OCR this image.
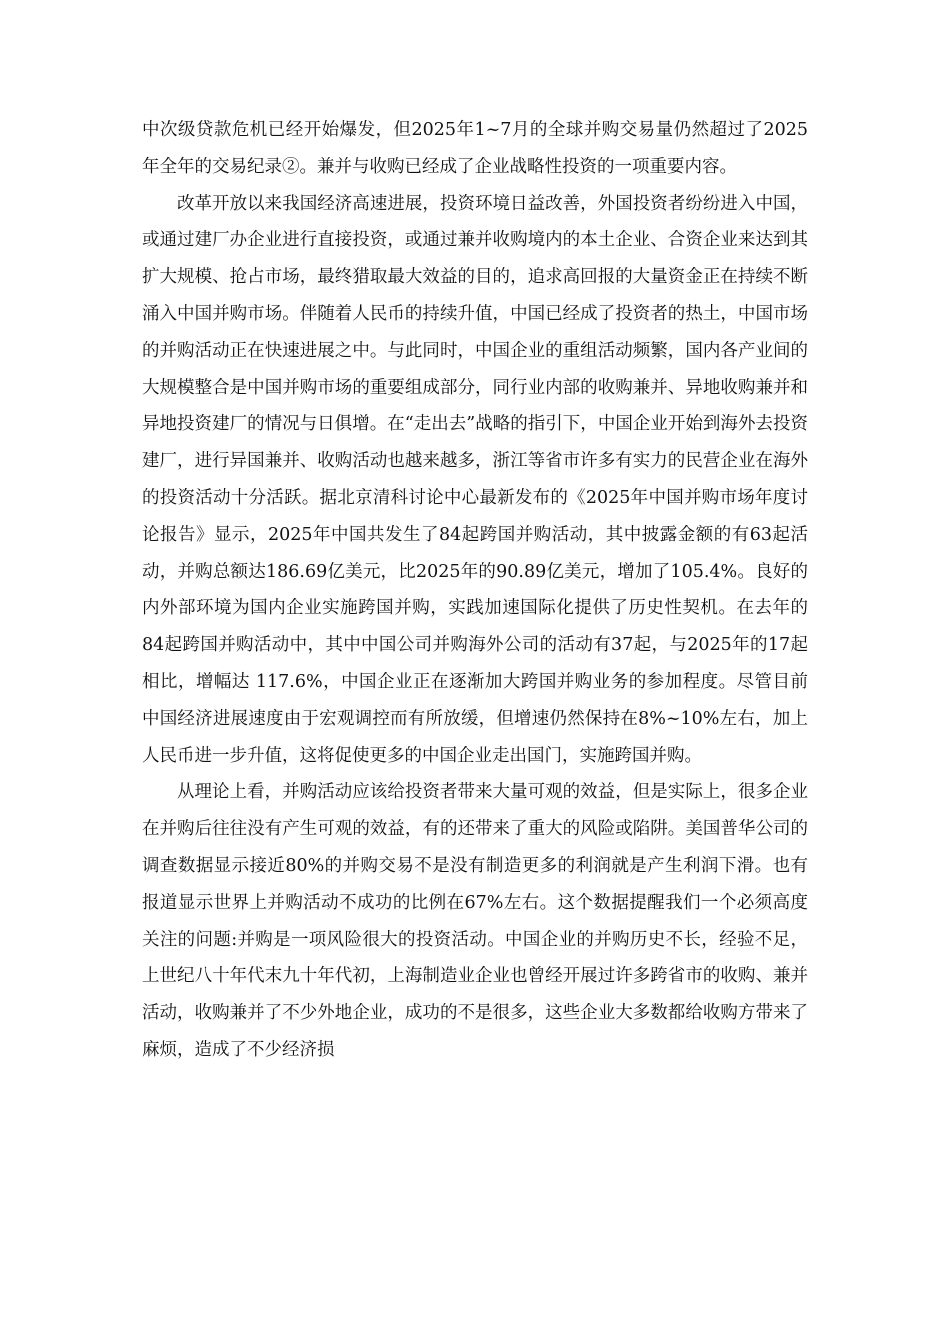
中次级贷款危机已经开始爆发，但2025年1~7月的全球并购交易量仍然超过了2025年全年的交易纪录②。兼并与收购已经成了企业战略性投资的一项重要内容。

改革开放以来我国经济高速进展，投资环境日益改善，外国投资者纷纷进入中国，或通过建厂办企业进行直接投资，或通过兼并收购境内的本土企业、合资企业来达到其扩大规模、抢占市场，最终猎取最大效益的目的，追求高回报的大量资金正在持续不断涌入中国并购市场。伴随着人民币的持续升值，中国已经成了投资者的热土，中国市场的并购活动正在快速进展之中。与此同时，中国企业的重组活动频繁，国内各产业间的大规模整合是中国并购市场的重要组成部分，同行业内部的收购兼并、异地收购兼并和异地投资建厂的情况与日俱增。在“走出去”战略的指引下，中国企业开始到海外去投资建厂，进行异国兼并、收购活动也越来越多，浙江等省市许多有实力的民营企业在海外的投资活动十分活跃。据北京清科讨论中心最新发布的《2025年中国并购市场年度讨论报告》显示，2025年中国共发生了84起跨国并购活动，其中披露金额的有63起活动，并购总额达186.69亿美元，比2025年的90.89亿美元，增加了105.4%。良好的内外部环境为国内企业实施跨国并购，实践加速国际化提供了历史性契机。在去年的84起跨国并购活动中，其中中国公司并购海外公司的活动有37起，与2025年的17起相比，增幅达 117.6%，中国企业正在逐渐加大跨国并购业务的参加程度。尽管目前中国经济进展速度由于宏观调控而有所放缓，但增速仍然保持在8%~10%左右，加上人民币进一步升值，这将促使更多的中国企业走出国门，实施跨国并购。

从理论上看，并购活动应该给投资者带来大量可观的效益，但是实际上，很多企业在并购后往往没有产生可观的效益，有的还带来了重大的风险或陷阱。美国普华公司的调查数据显示接近80%的并购交易不是没有制造更多的利润就是产生利润下滑。也有报道显示世界上并购活动不成功的比例在67%左右。这个数据提醒我们一个必须高度关注的问题:并购是一项风险很大的投资活动。中国企业的并购历史不长，经验不足，上世纪八十年代末九十年代初，上海制造业企业也曾经开展过许多跨省市的收购、兼并活动，收购兼并了不少外地企业，成功的不是很多，这些企业大多数都给收购方带来了麻烦，造成了不少经济损
